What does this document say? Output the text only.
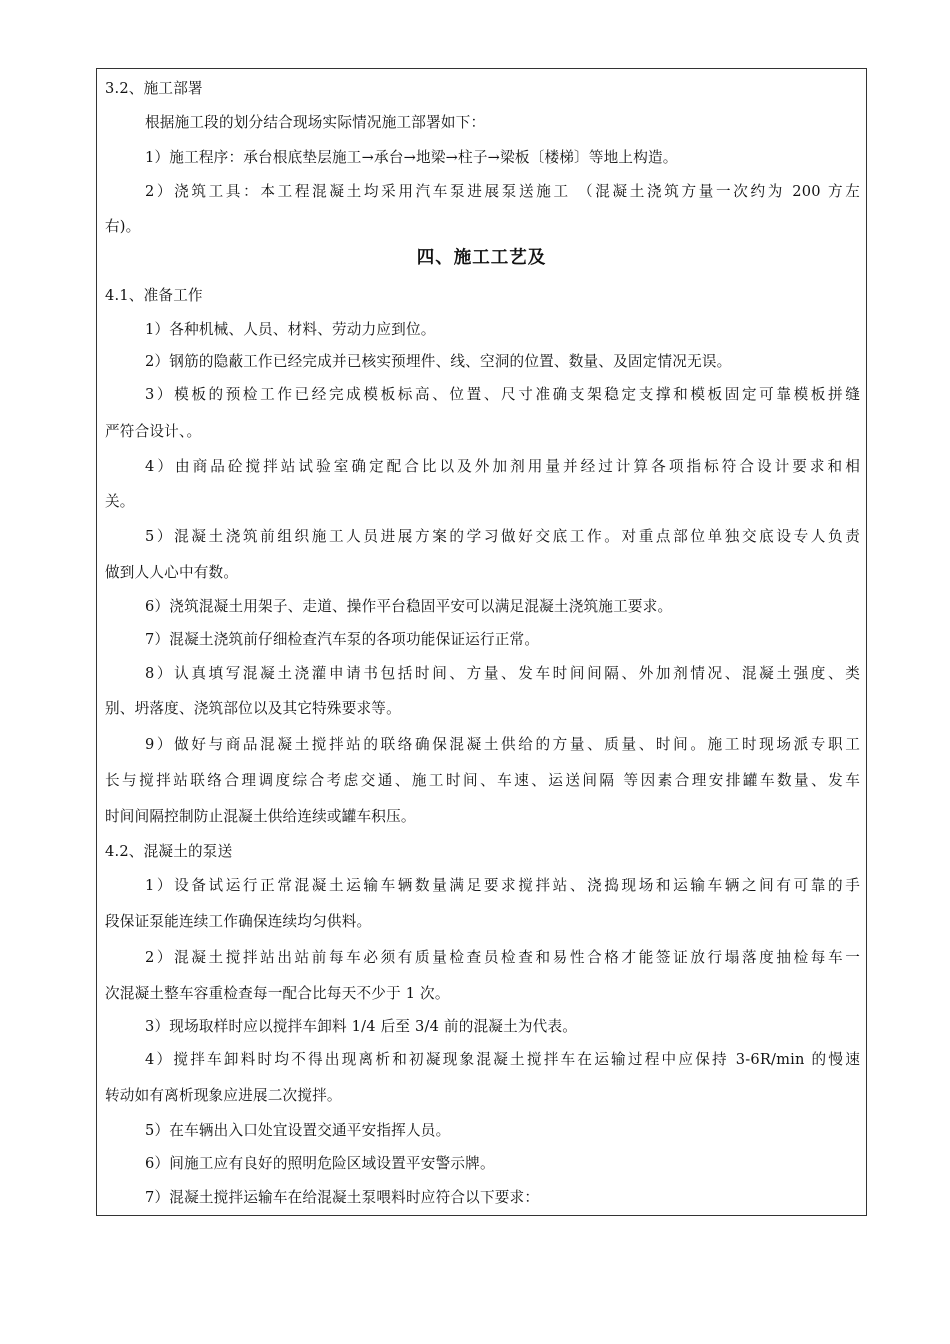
3.2、施工部署
根据施工段的划分结合现场实际情况施工部署如下：
1）施工程序：承台根底垫层施工→承台→地梁→柱子→梁板〔楼梯〕等地上构造。
2）浇筑工具：本工程混凝土均采用汽车泵进展泵送施工 （混凝土浇筑方量一次约为 200 方左
右)。
四、施工工艺及
4.1、准备工作
1）各种机械、人员、材料、劳动力应到位。
2）钢筋的隐蔽工作已经完成并已核实预埋件、线、空洞的位置、数量、及固定情况无误。
3）模板的预检工作已经完成模板标高、位置、尺寸准确支架稳定支撑和模板固定可靠模板拼缝
严符合设计、。
4）由商品砼搅拌站试验室确定配合比以及外加剂用量并经过计算各项指标符合设计要求和相
关。
5）混凝土浇筑前组织施工人员进展方案的学习做好交底工作。对重点部位单独交底设专人负责
做到人人心中有数。
6）浇筑混凝土用架子、走道、操作平台稳固平安可以满足混凝土浇筑施工要求。
7）混凝土浇筑前仔细检查汽车泵的各项功能保证运行正常。
8）认真填写混凝土浇灌申请书包括时间、方量、发车时间间隔、外加剂情况、混凝土强度、类
别、坍落度、浇筑部位以及其它特殊要求等。
9）做好与商品混凝土搅拌站的联络确保混凝土供给的方量、质量、时间。施工时现场派专职工
长与搅拌站联络合理调度综合考虑交通、施工时间、车速、运送间隔 等因素合理安排罐车数量、发车
时间间隔控制防止混凝土供给连续或罐车积压。
4.2、混凝土的泵送
1）设备试运行正常混凝土运输车辆数量满足要求搅拌站、浇捣现场和运输车辆之间有可靠的手
段保证泵能连续工作确保连续均匀供料。
2）混凝土搅拌站出站前每车必须有质量检查员检查和易性合格才能签证放行塌落度抽检每车一
次混凝土整车容重检查每一配合比每天不少于 1 次。
3）现场取样时应以搅拌车卸料 1/4 后至 3/4 前的混凝土为代表。
4）搅拌车卸料时均不得出现离析和初凝现象混凝土搅拌车在运输过程中应保持 3-6R/min 的慢速
转动如有离析现象应进展二次搅拌。
5）在车辆出入口处宜设置交通平安指挥人员。
6）间施工应有良好的照明危险区域设置平安警示牌。
7）混凝土搅拌运输车在给混凝土泵喂料时应符合以下要求：
